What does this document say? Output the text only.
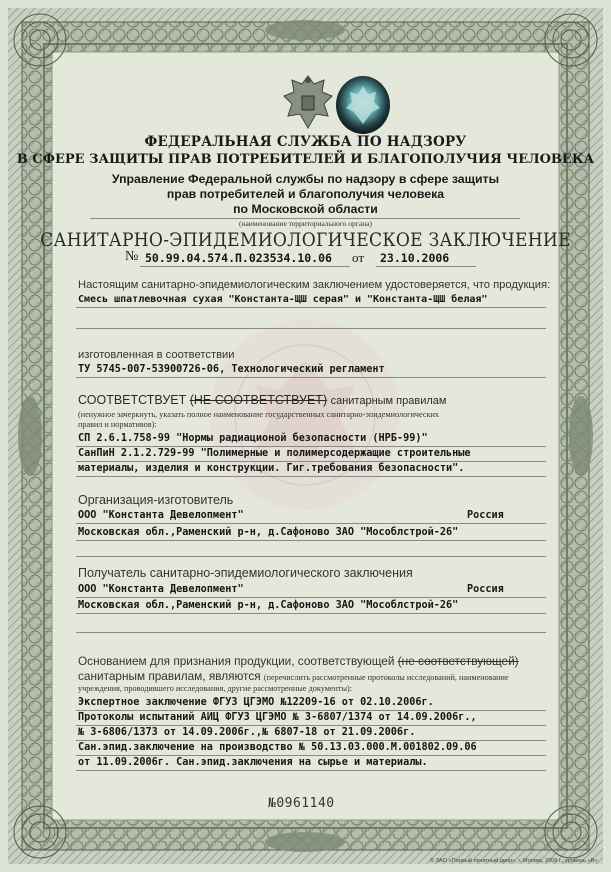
ФЕДЕРАЛЬНАЯ СЛУЖБА ПО НАДЗОРУ
В СФЕРЕ ЗАЩИТЫ ПРАВ ПОТРЕБИТЕЛЕЙ И БЛАГОПОЛУЧИЯ ЧЕЛОВЕКА
Управление Федеральной службы по надзору в сфере защиты
прав потребителей и благополучия человека
по Московской области
(наименование территориального органа)
САНИТАРНО-ЭПИДЕМИОЛОГИЧЕСКОЕ ЗАКЛЮЧЕНИЕ
№ 50.99.04.574.П.023534.10.06 от 23.10.2006
Настоящим санитарно-эпидемиологическим заключением удостоверяется, что продукция:
Смесь шпатлевочная сухая "Константа-ЩШ серая" и "Константа-ЩШ белая"
изготовленная в соответствии
ТУ 5745-007-53900726-06, Технологический регламент
СООТВЕТСТВУЕТ (НЕ СООТВЕТСТВУЕТ) санитарным правилам
(ненужное зачеркнуть, указать полное наименование государственных санитарно-эпидемиологических
правил и нормативов):
СП 2.6.1.758-99 "Нормы радиационой безопасности (НРБ-99)"
СанПиН 2.1.2.729-99 "Полимерные и полимерсодержащие строительные
материалы, изделия и конструкции. Гиг.требования безопасности".
Организация-изготовитель
ООО "Константа Девелопмент"	Россия
Московская обл.,Раменский р-н, д.Сафоново ЗАО "Мособлстрой-26"
Получатель санитарно-эпидемиологического заключения
ООО "Константа Девелопмент"	Россия
Московская обл.,Раменский р-н, д.Сафоново ЗАО "Мособлстрой-26"
Основанием для признания продукции, соответствующей (не соответствующей)
санитарным правилам, являются (перечислить рассмотренные протоколы исследований, наименование
учреждения, проводившего исследования, другие рассмотренные документы):
Экспертное заключение ФГУЗ ЦГЭМО №12209-16 от 02.10.2006г.
Протоколы испытаний АИЦ ФГУЗ ЦГЭМО № 3-6807/1374 от 14.09.2006г.,
№ 3-6806/1373 от 14.09.2006г.,№ 6807-18 от 21.09.2006г.
Сан.эпид.заключение на производство № 50.13.03.000.М.001802.09.06
от 11.09.2006г. Сан.эпид.заключения на сырье и материалы.
№0961140
© ЗАО «Первый печатный двор», г. Москва, 2006 г., уровень «В»
